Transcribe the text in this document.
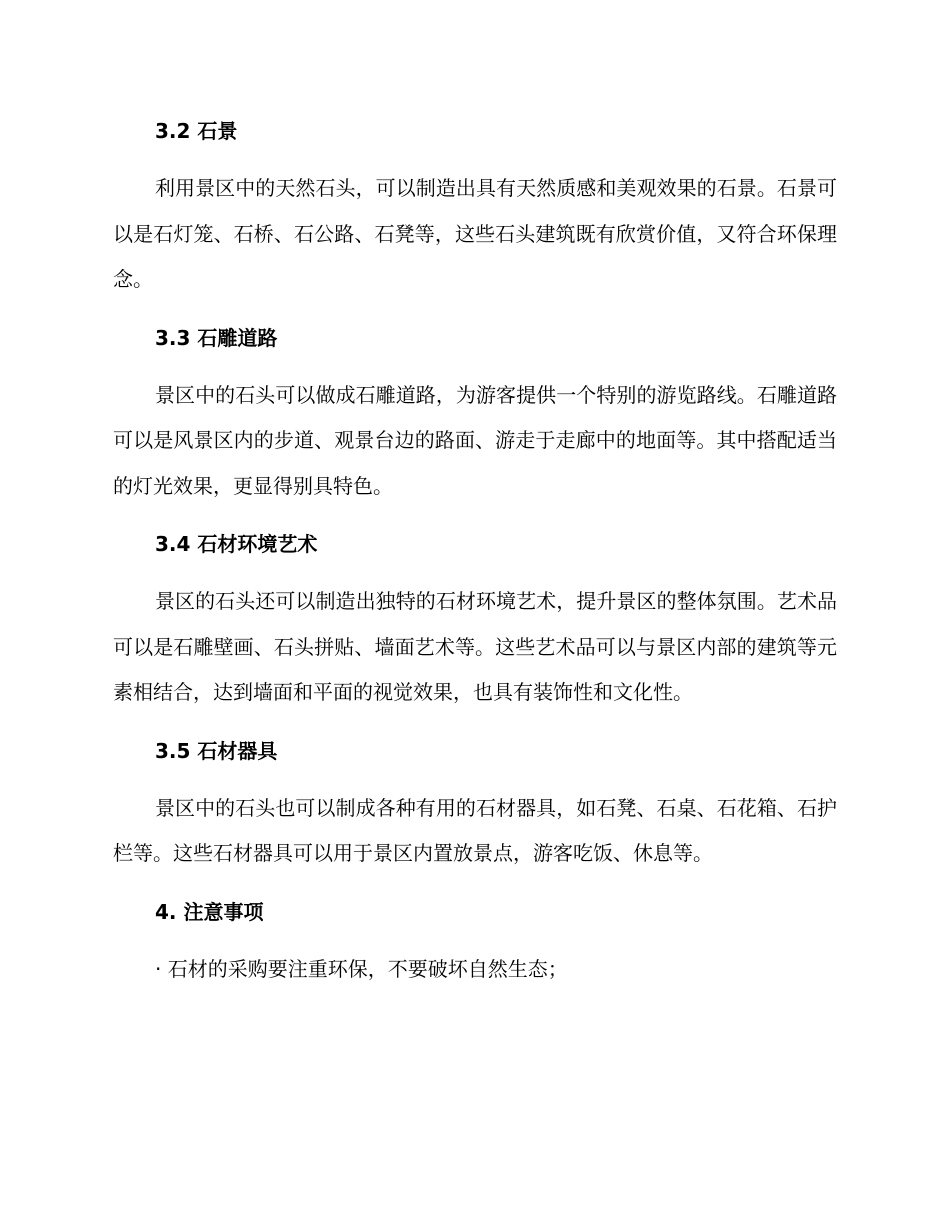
3.2 石景

利用景区中的天然石头，可以制造出具有天然质感和美观效果的石景。石景可以是石灯笼、石桥、石公路、石凳等，这些石头建筑既有欣赏价值，又符合环保理念。

3.3 石雕道路

景区中的石头可以做成石雕道路，为游客提供一个特别的游览路线。石雕道路可以是风景区内的步道、观景台边的路面、游走于走廊中的地面等。其中搭配适当的灯光效果，更显得别具特色。

3.4 石材环境艺术

景区的石头还可以制造出独特的石材环境艺术，提升景区的整体氛围。艺术品可以是石雕壁画、石头拼贴、墙面艺术等。这些艺术品可以与景区内部的建筑等元素相结合，达到墙面和平面的视觉效果，也具有装饰性和文化性。

3.5 石材器具

景区中的石头也可以制成各种有用的石材器具，如石凳、石桌、石花箱、石护栏等。这些石材器具可以用于景区内置放景点，游客吃饭、休息等。

4. 注意事项

· 石材的采购要注重环保，不要破坏自然生态；
